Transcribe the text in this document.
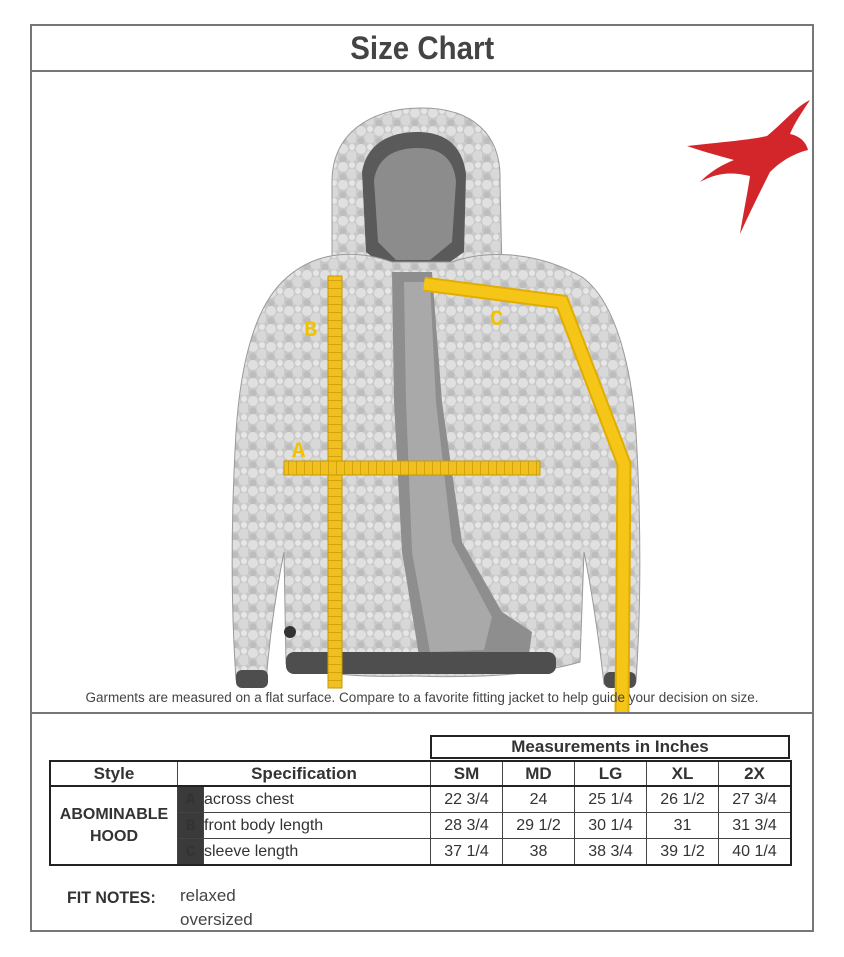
Size Chart
B
A
C
Garments are measured on a flat surface. Compare to a favorite fitting jacket to help guide your decision on size.
Measurements in Inches
Style	Specification		SM	MD	LG	XL	2X
ABOMINABLE
HOOD	A	across chest	22 3/4	24	25 1/4	26 1/2	27 3/4
	B	front body length	28 3/4	29 1/2	30 1/4	31	31 3/4
	C	sleeve length	37 1/4	38	38 3/4	39 1/2	40 1/4
FIT NOTES: relaxed
oversized
